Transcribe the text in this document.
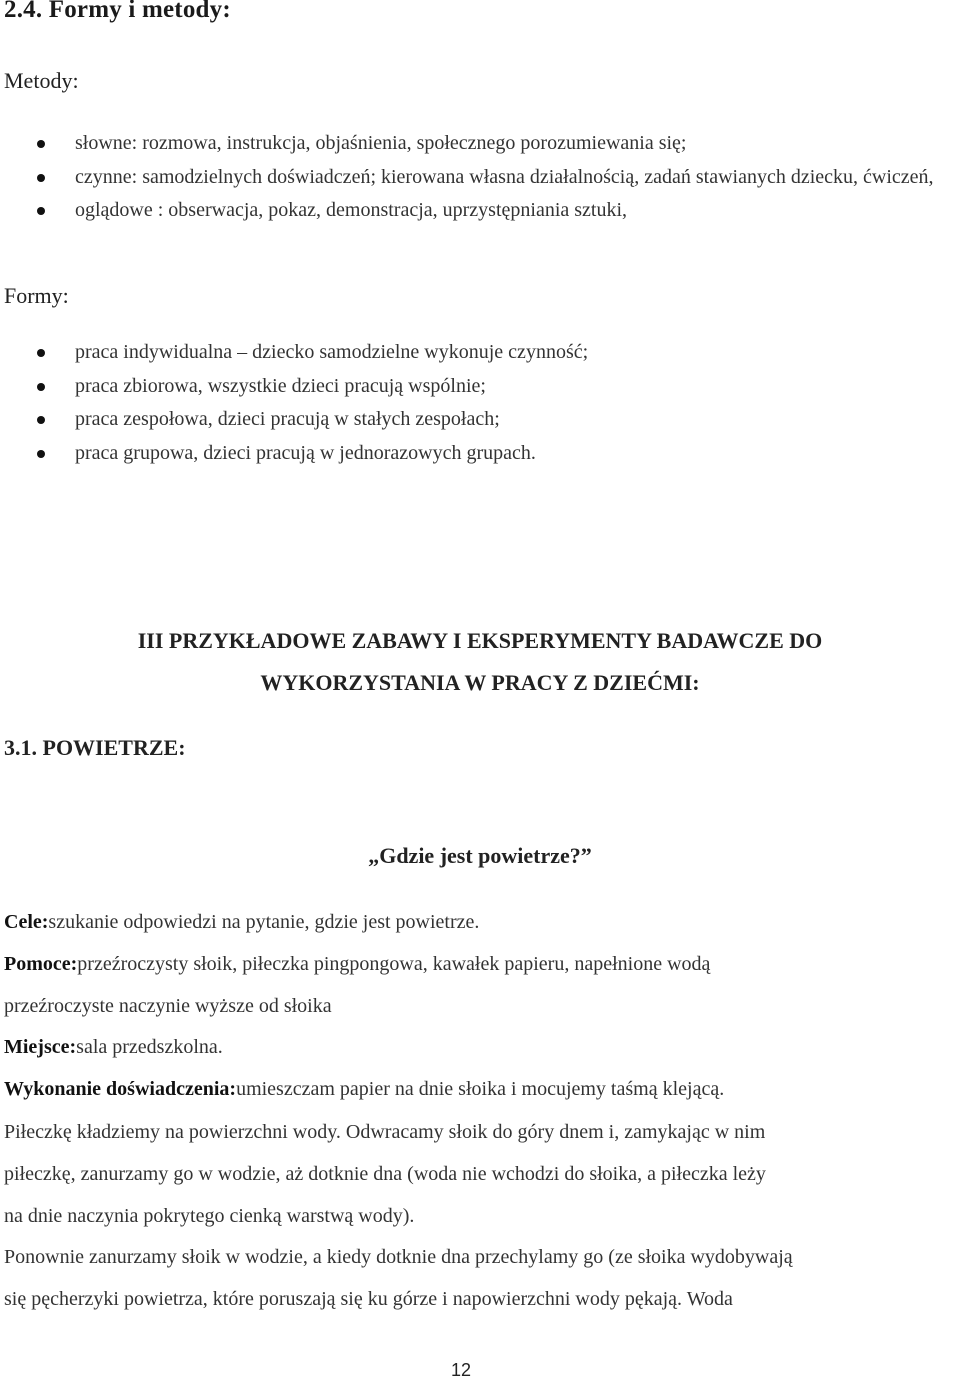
2.4. Formy i metody:
Metody:
słowne: rozmowa, instrukcja, objaśnienia, społecznego porozumiewania się;
czynne: samodzielnych doświadczeń; kierowana własna działalnością, zadań stawianych dziecku, ćwiczeń,
oglądowe : obserwacja, pokaz, demonstracja, uprzystępniania sztuki,
Formy:
praca indywidualna – dziecko samodzielne wykonuje czynność;
praca zbiorowa, wszystkie dzieci pracują wspólnie;
praca zespołowa, dzieci pracują w stałych zespołach;
praca grupowa, dzieci pracują w jednorazowych grupach.
III PRZYKŁADOWE ZABAWY I EKSPERYMENTY BADAWCZE DO
WYKORZYSTANIA W PRACY Z DZIEĆMI:
3.1. POWIETRZE:
„Gdzie jest powietrze?”
Cele:szukanie odpowiedzi na pytanie, gdzie jest powietrze.
Pomoce:przeźroczysty słoik, piłeczka pingpongowa, kawałek papieru, napełnione wodą
przeźroczyste naczynie wyższe od słoika
Miejsce:sala przedszkolna.
Wykonanie doświadczenia:umieszczam papier na dnie słoika i mocujemy taśmą klejącą.
Piłeczkę kładziemy na powierzchni wody. Odwracamy słoik do góry dnem i, zamykając w nim
piłeczkę, zanurzamy go w wodzie, aż dotknie dna (woda nie wchodzi do słoika, a piłeczka leży
na dnie naczynia pokrytego cienką warstwą wody).
Ponownie zanurzamy słoik w wodzie, a kiedy dotknie dna przechylamy go (ze słoika wydobywają
się pęcherzyki powietrza, które poruszają się ku górze i napowierzchni wody pękają. Woda
12
